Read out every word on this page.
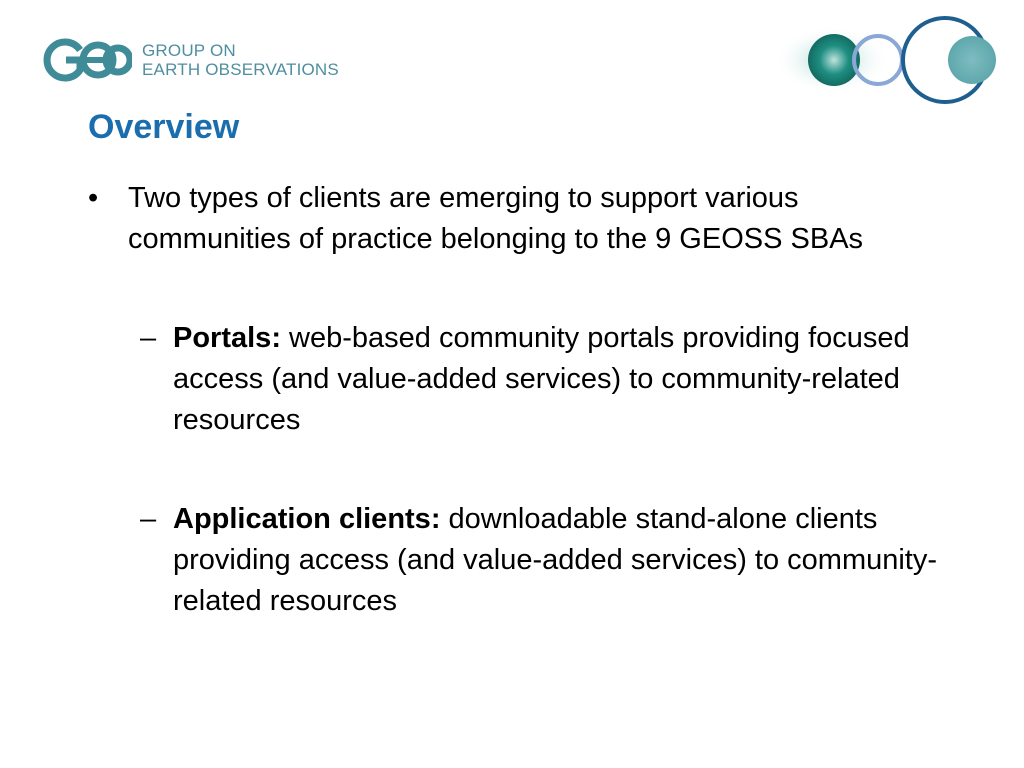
GROUP ON
EARTH OBSERVATIONS
Overview

• Two types of clients are emerging to support various communities of practice belonging to the 9 GEOSS SBAs

– Portals: web-based community portals providing focused access (and value-added services) to community-related resources

– Application clients: downloadable stand-alone clients providing access (and value-added services) to community-related resources
